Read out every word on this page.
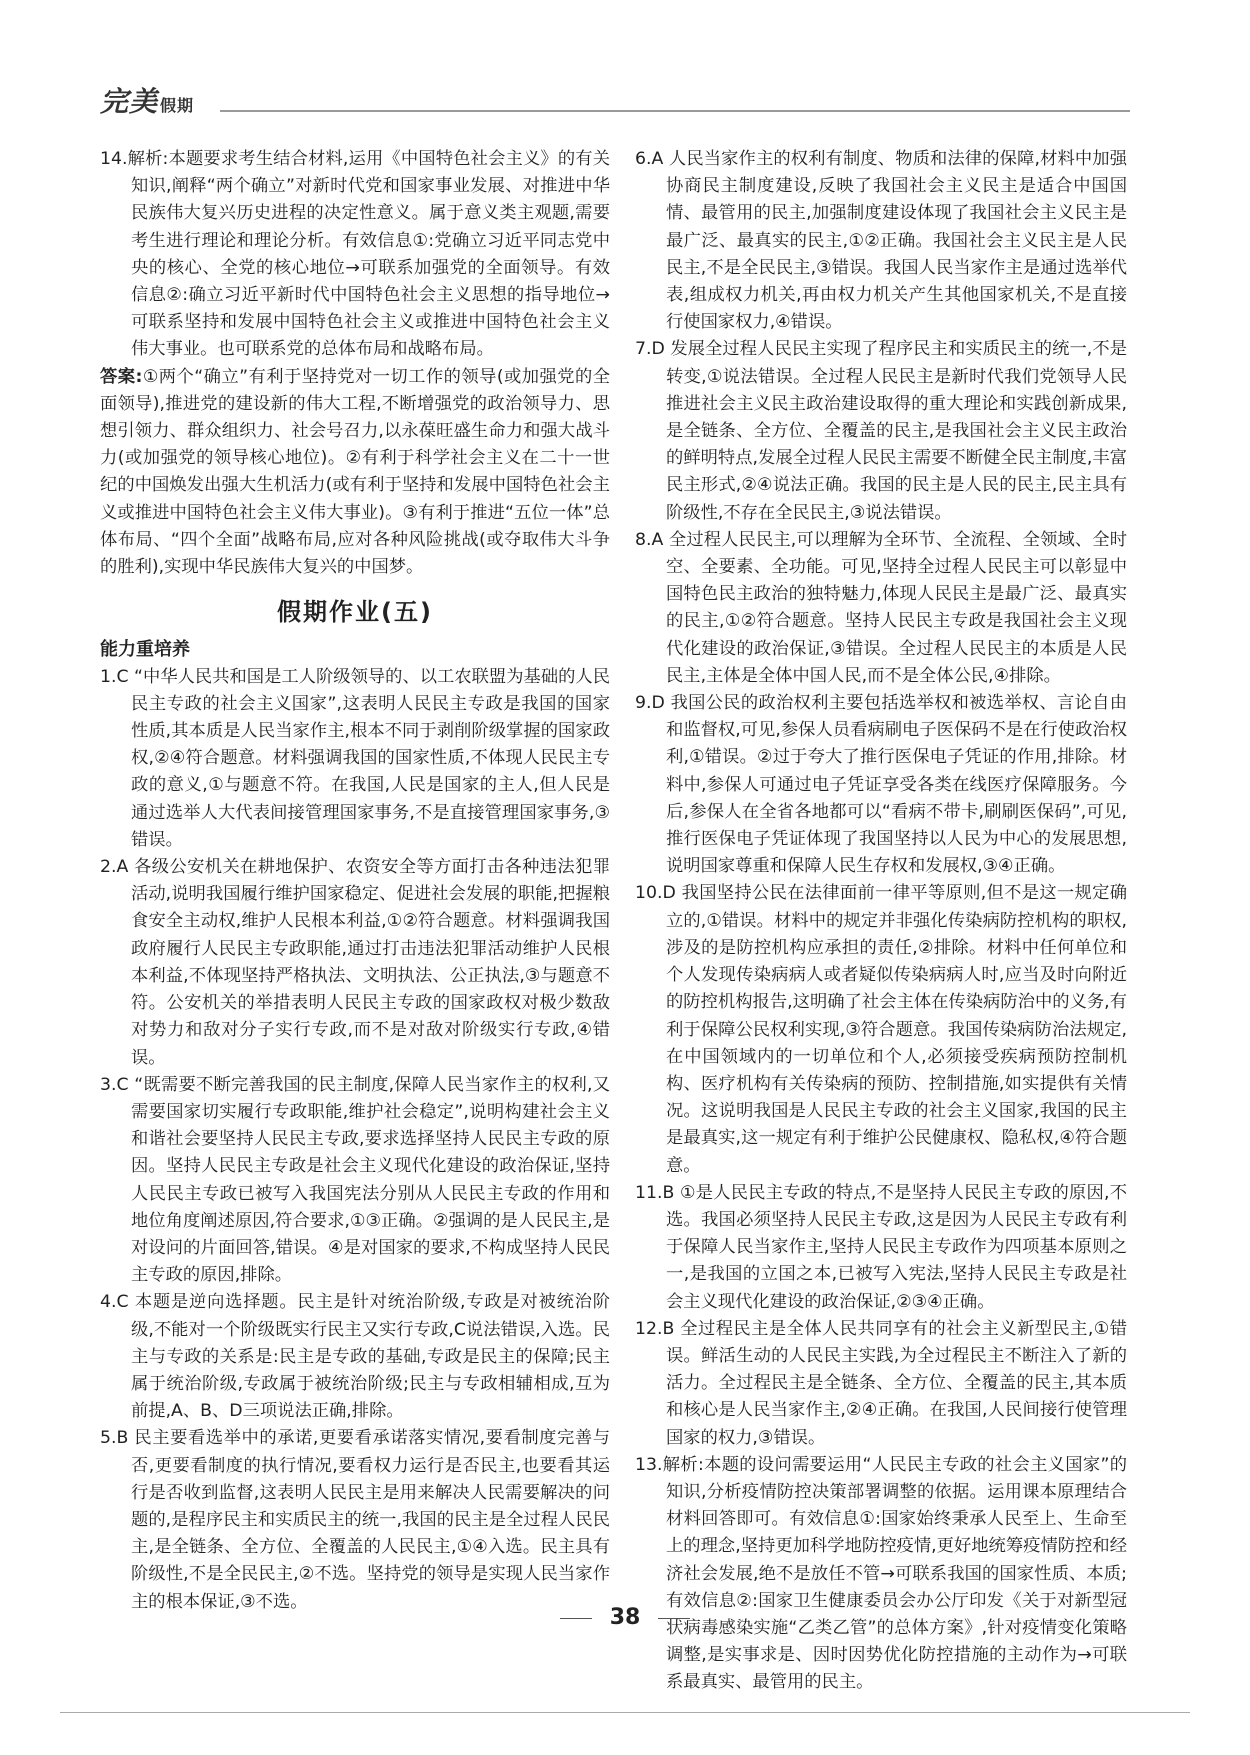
完美 假期

14.解析:本题要求考生结合材料,运用《中国特色社会主义》的有关知识,阐释“两个确立”对新时代党和国家事业发展、对推进中华民族伟大复兴历史进程的决定性意义。属于意义类主观题,需要考生进行理论和理论分析。有效信息①:党确立习近平同志党中央的核心、全党的核心地位→可联系加强党的全面领导。有效信息②:确立习近平新时代中国特色社会主义思想的指导地位→可联系坚持和发展中国特色社会主义或推进中国特色社会主义伟大事业。也可联系党的总体布局和战略布局。

答案:①两个“确立”有利于坚持党对一切工作的领导(或加强党的全面领导),推进党的建设新的伟大工程,不断增强党的政治领导力、思想引领力、群众组织力、社会号召力,以永葆旺盛生命力和强大战斗力(或加强党的领导核心地位)。②有利于科学社会主义在二十一世纪的中国焕发出强大生机活力(或有利于坚持和发展中国特色社会主义或推进中国特色社会主义伟大事业)。③有利于推进“五位一体”总体布局、“四个全面”战略布局,应对各种风险挑战(或夺取伟大斗争的胜利),实现中华民族伟大复兴的中国梦。

假期作业(五)

能力重培养

1.C “中华人民共和国是工人阶级领导的、以工农联盟为基础的人民民主专政的社会主义国家”,这表明人民民主专政是我国的国家性质,其本质是人民当家作主,根本不同于剥削阶级掌握的国家政权,②④符合题意。材料强调我国的国家性质,不体现人民民主专政的意义,①与题意不符。在我国,人民是国家的主人,但人民是通过选举人大代表间接管理国家事务,不是直接管理国家事务,③错误。

2.A 各级公安机关在耕地保护、农资安全等方面打击各种违法犯罪活动,说明我国履行维护国家稳定、促进社会发展的职能,把握粮食安全主动权,维护人民根本利益,①②符合题意。材料强调我国政府履行人民民主专政职能,通过打击违法犯罪活动维护人民根本利益,不体现坚持严格执法、文明执法、公正执法,③与题意不符。公安机关的举措表明人民民主专政的国家政权对极少数敌对势力和敌对分子实行专政,而不是对敌对阶级实行专政,④错误。

3.C “既需要不断完善我国的民主制度,保障人民当家作主的权利,又需要国家切实履行专政职能,维护社会稳定”,说明构建社会主义和谐社会要坚持人民民主专政,要求选择坚持人民民主专政的原因。坚持人民民主专政是社会主义现代化建设的政治保证,坚持人民民主专政已被写入我国宪法分别从人民民主专政的作用和地位角度阐述原因,符合要求,①③正确。②强调的是人民民主,是对设问的片面回答,错误。④是对国家的要求,不构成坚持人民民主专政的原因,排除。

4.C 本题是逆向选择题。民主是针对统治阶级,专政是对被统治阶级,不能对一个阶级既实行民主又实行专政,C说法错误,入选。民主与专政的关系是:民主是专政的基础,专政是民主的保障;民主属于统治阶级,专政属于被统治阶级;民主与专政相辅相成,互为前提,A、B、D三项说法正确,排除。

5.B 民主要看选举中的承诺,更要看承诺落实情况,要看制度完善与否,更要看制度的执行情况,要看权力运行是否民主,也要看其运行是否收到监督,这表明人民民主是用来解决人民需要解决的问题的,是程序民主和实质民主的统一,我国的民主是全过程人民民主,是全链条、全方位、全覆盖的人民民主,①④入选。民主具有阶级性,不是全民民主,②不选。坚持党的领导是实现人民当家作主的根本保证,③不选。

6.A 人民当家作主的权利有制度、物质和法律的保障,材料中加强协商民主制度建设,反映了我国社会主义民主是适合中国国情、最管用的民主,加强制度建设体现了我国社会主义民主是最广泛、最真实的民主,①②正确。我国社会主义民主是人民民主,不是全民民主,③错误。我国人民当家作主是通过选举代表,组成权力机关,再由权力机关产生其他国家机关,不是直接行使国家权力,④错误。

7.D 发展全过程人民民主实现了程序民主和实质民主的统一,不是转变,①说法错误。全过程人民民主是新时代我们党领导人民推进社会主义民主政治建设取得的重大理论和实践创新成果,是全链条、全方位、全覆盖的民主,是我国社会主义民主政治的鲜明特点,发展全过程人民民主需要不断健全民主制度,丰富民主形式,②④说法正确。我国的民主是人民的民主,民主具有阶级性,不存在全民民主,③说法错误。

8.A 全过程人民民主,可以理解为全环节、全流程、全领域、全时空、全要素、全功能。可见,坚持全过程人民民主可以彰显中国特色民主政治的独特魅力,体现人民民主是最广泛、最真实的民主,①②符合题意。坚持人民民主专政是我国社会主义现代化建设的政治保证,③错误。全过程人民民主的本质是人民民主,主体是全体中国人民,而不是全体公民,④排除。

9.D 我国公民的政治权利主要包括选举权和被选举权、言论自由和监督权,可见,参保人员看病刷电子医保码不是在行使政治权利,①错误。②过于夸大了推行医保电子凭证的作用,排除。材料中,参保人可通过电子凭证享受各类在线医疗保障服务。今后,参保人在全省各地都可以“看病不带卡,刷刷医保码”,可见,推行医保电子凭证体现了我国坚持以人民为中心的发展思想,说明国家尊重和保障人民生存权和发展权,③④正确。

10.D 我国坚持公民在法律面前一律平等原则,但不是这一规定确立的,①错误。材料中的规定并非强化传染病防控机构的职权,涉及的是防控机构应承担的责任,②排除。材料中任何单位和个人发现传染病病人或者疑似传染病病人时,应当及时向附近的防控机构报告,这明确了社会主体在传染病防治中的义务,有利于保障公民权利实现,③符合题意。我国传染病防治法规定,在中国领域内的一切单位和个人,必须接受疾病预防控制机构、医疗机构有关传染病的预防、控制措施,如实提供有关情况。这说明我国是人民民主专政的社会主义国家,我国的民主是最真实,这一规定有利于维护公民健康权、隐私权,④符合题意。

11.B ①是人民民主专政的特点,不是坚持人民民主专政的原因,不选。我国必须坚持人民民主专政,这是因为人民民主专政有利于保障人民当家作主,坚持人民民主专政作为四项基本原则之一,是我国的立国之本,已被写入宪法,坚持人民民主专政是社会主义现代化建设的政治保证,②③④正确。

12.B 全过程民主是全体人民共同享有的社会主义新型民主,①错误。鲜活生动的人民民主实践,为全过程民主不断注入了新的活力。全过程民主是全链条、全方位、全覆盖的民主,其本质和核心是人民当家作主,②④正确。在我国,人民间接行使管理国家的权力,③错误。

13.解析:本题的设问需要运用“人民民主专政的社会主义国家”的知识,分析疫情防控决策部署调整的依据。运用课本原理结合材料回答即可。有效信息①:国家始终秉承人民至上、生命至上的理念,坚持更加科学地防控疫情,更好地统筹疫情防控和经济社会发展,绝不是放任不管→可联系我国的国家性质、本质;有效信息②:国家卫生健康委员会办公厅印发《关于对新型冠状病毒感染实施“乙类乙管”的总体方案》,针对疫情变化策略调整,是实事求是、因时因势优化防控措施的主动作为→可联系最真实、最管用的民主。

38
